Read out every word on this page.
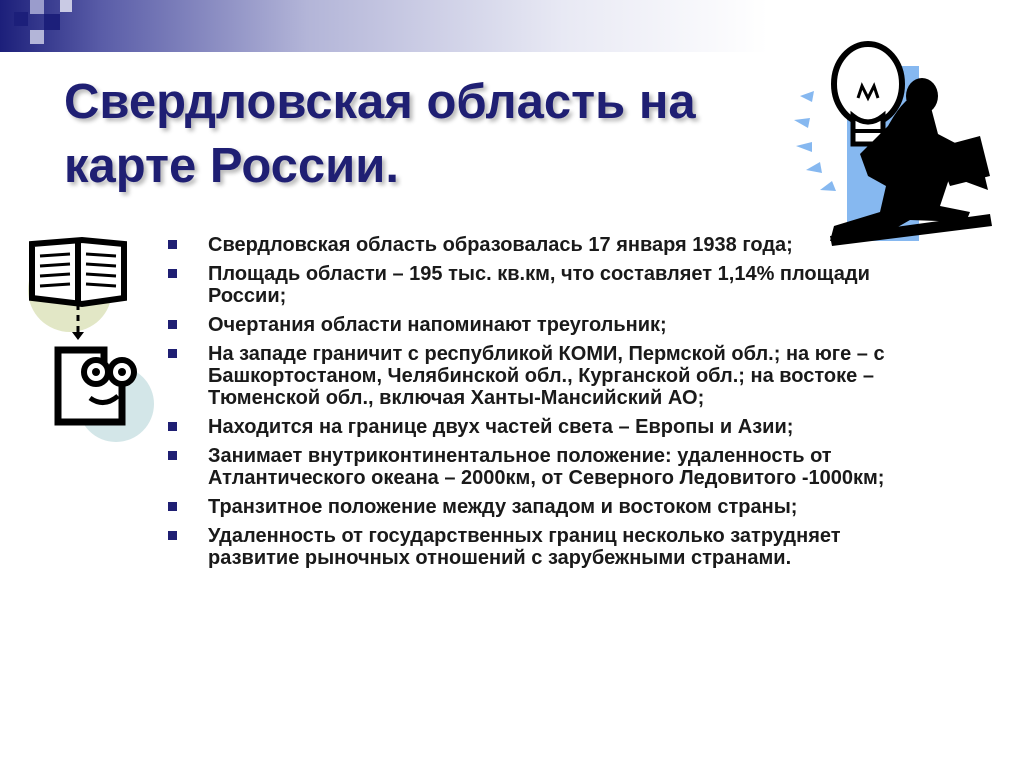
Свердловская область на
карте России.
Свердловская область образовалась 17 января 1938 года;
Площадь области – 195 тыс. кв.км, что составляет 1,14% площади России;
Очертания области напоминают треугольник;
На западе граничит с республикой КОМИ, Пермской обл.; на юге – с Башкортостаном, Челябинской обл., Курганской обл.; на востоке – Тюменской обл., включая Ханты-Мансийский АО;
Находится на границе двух частей света – Европы и Азии;
Занимает внутриконтинентальное положение: удаленность от Атлантического океана – 2000км, от Северного Ледовитого -1000км;
Транзитное положение между западом и востоком страны;
Удаленность от государственных границ несколько затрудняет развитие рыночных отношений с зарубежными странами.
